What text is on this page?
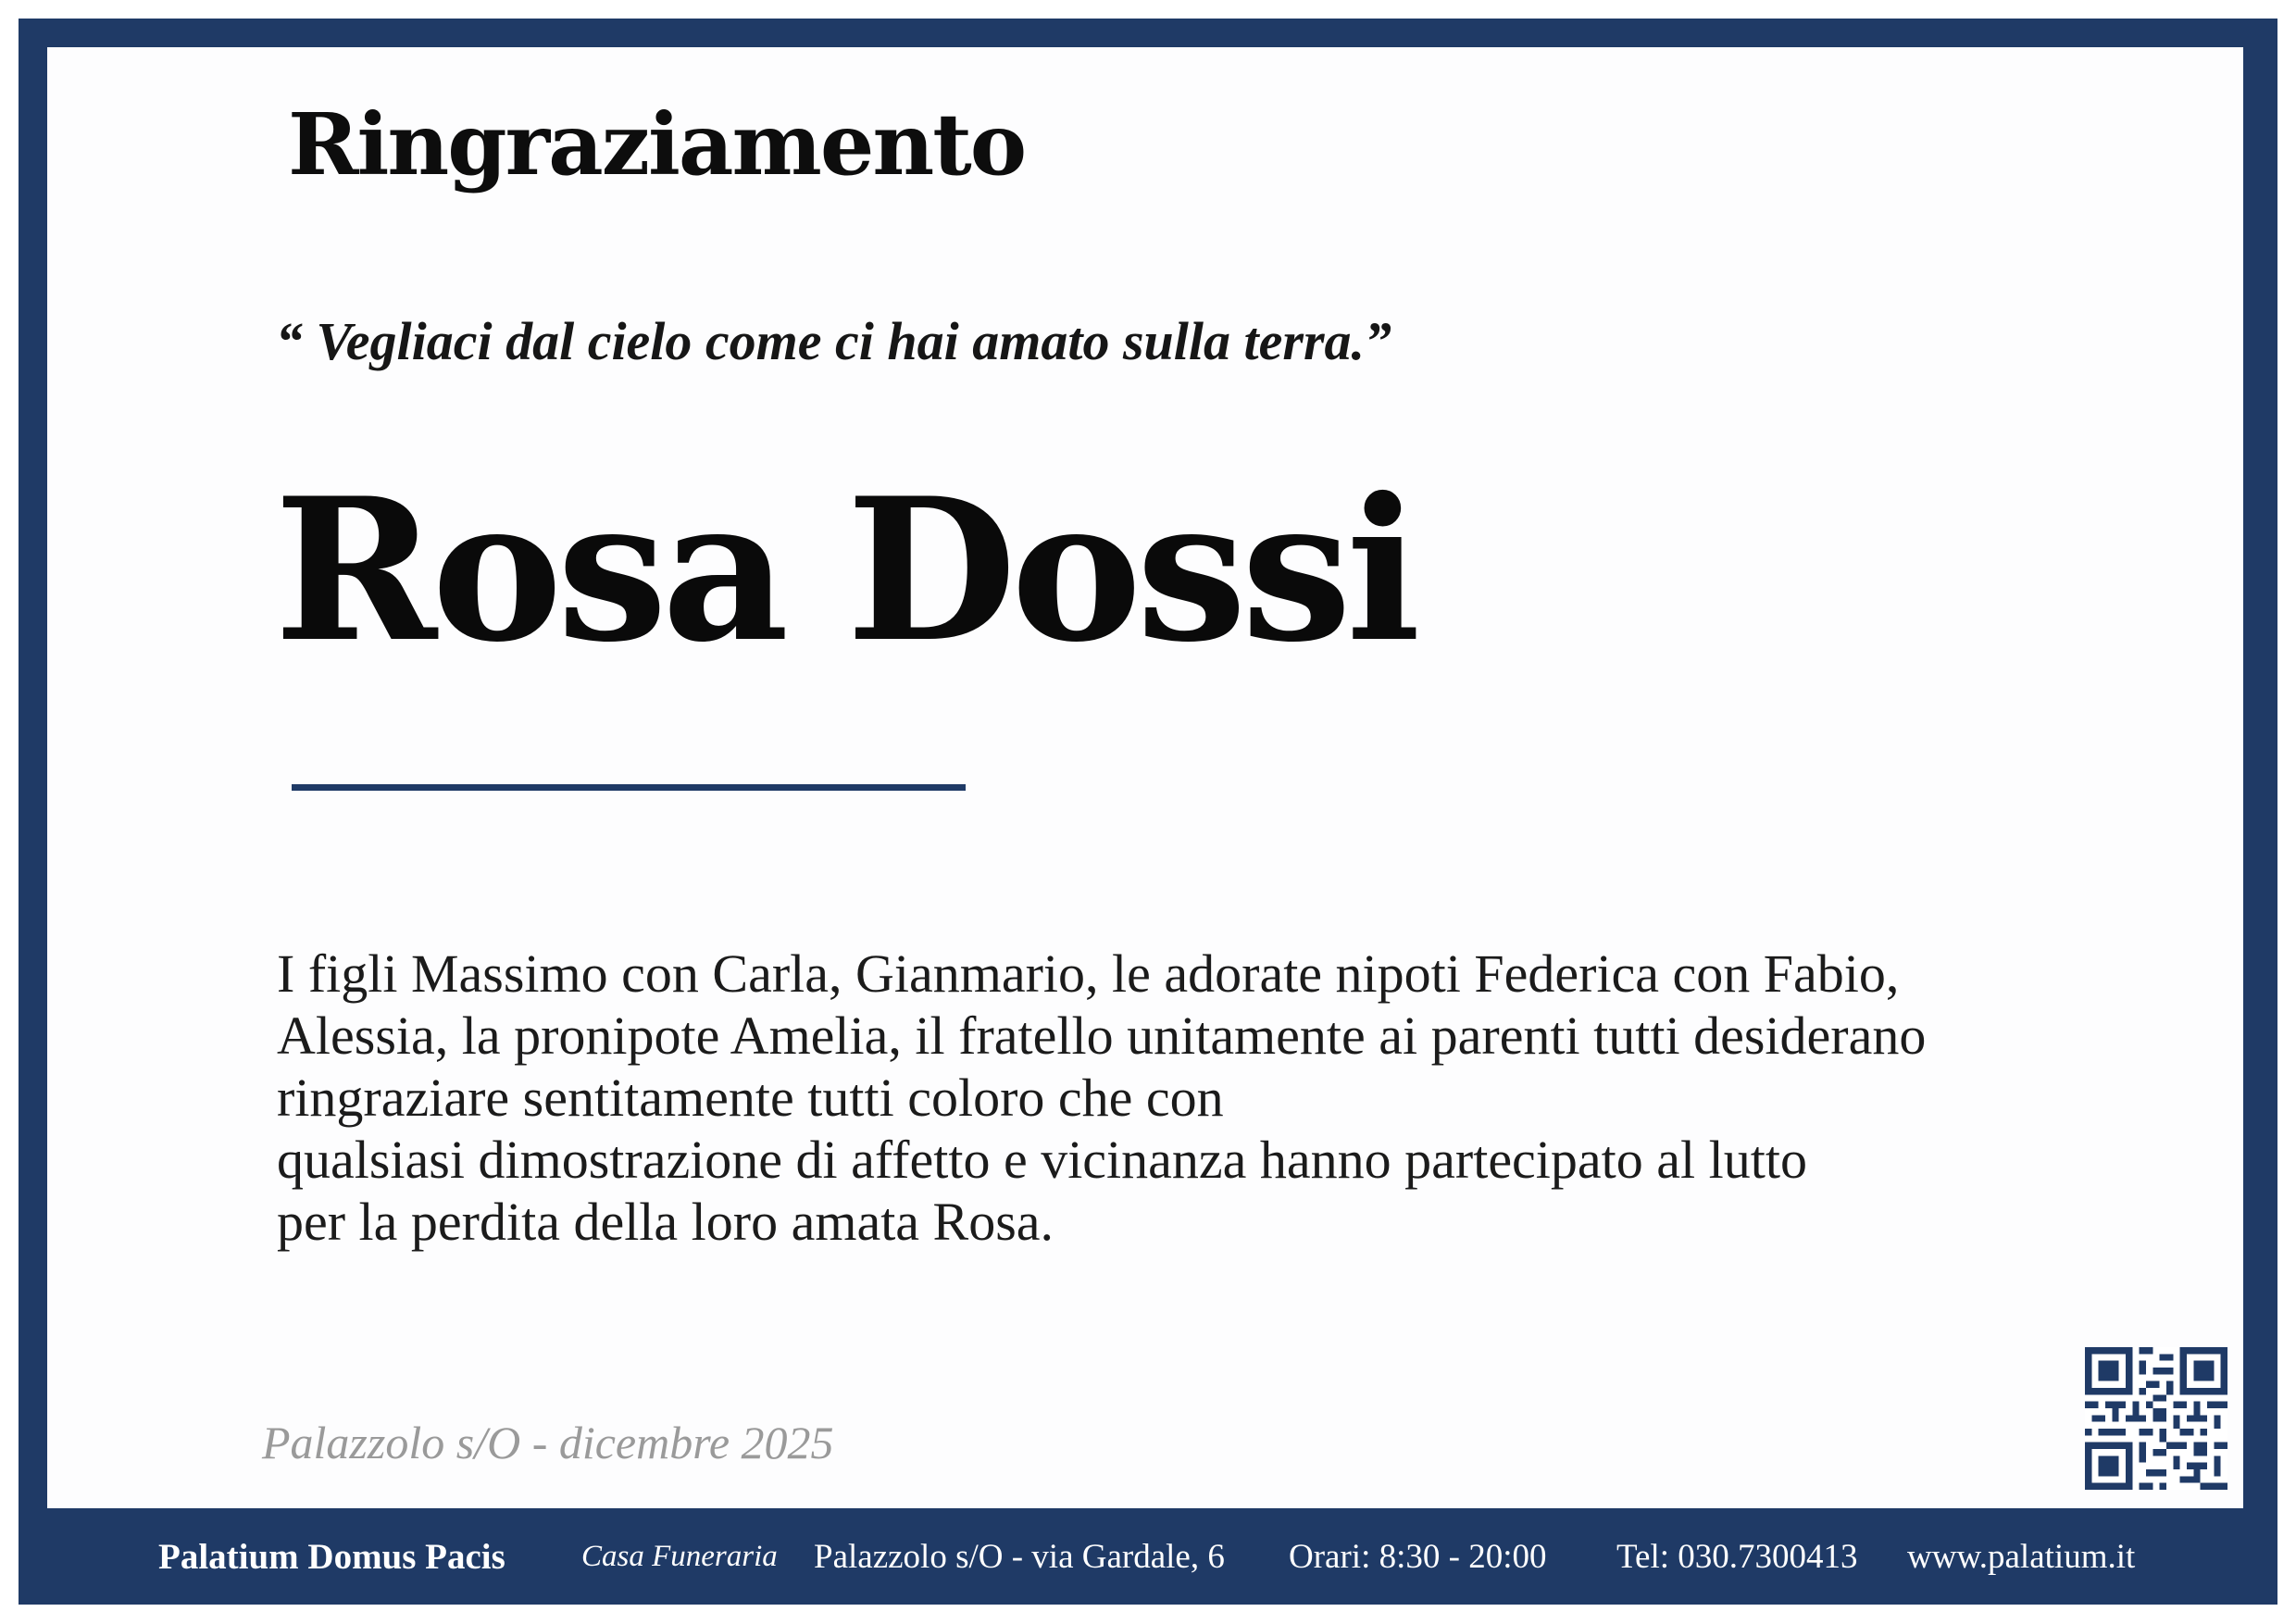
Ringraziamento
“ Vegliaci dal cielo come ci hai amato sulla terra.”
Rosa Dossi
I figli Massimo con Carla, Gianmario, le adorate nipoti Federica con Fabio,
Alessia, la pronipote Amelia, il fratello unitamente ai parenti tutti desiderano
ringraziare sentitamente tutti coloro che con
qualsiasi dimostrazione di affetto e vicinanza hanno partecipato al lutto
per la perdita della loro amata Rosa.
Palazzolo s/O - dicembre 2025
Palatium Domus Pacis Casa Funeraria Palazzolo s/O - via Gardale, 6 Orari: 8:30 - 20:00 Tel: 030.7300413 www.palatium.it
